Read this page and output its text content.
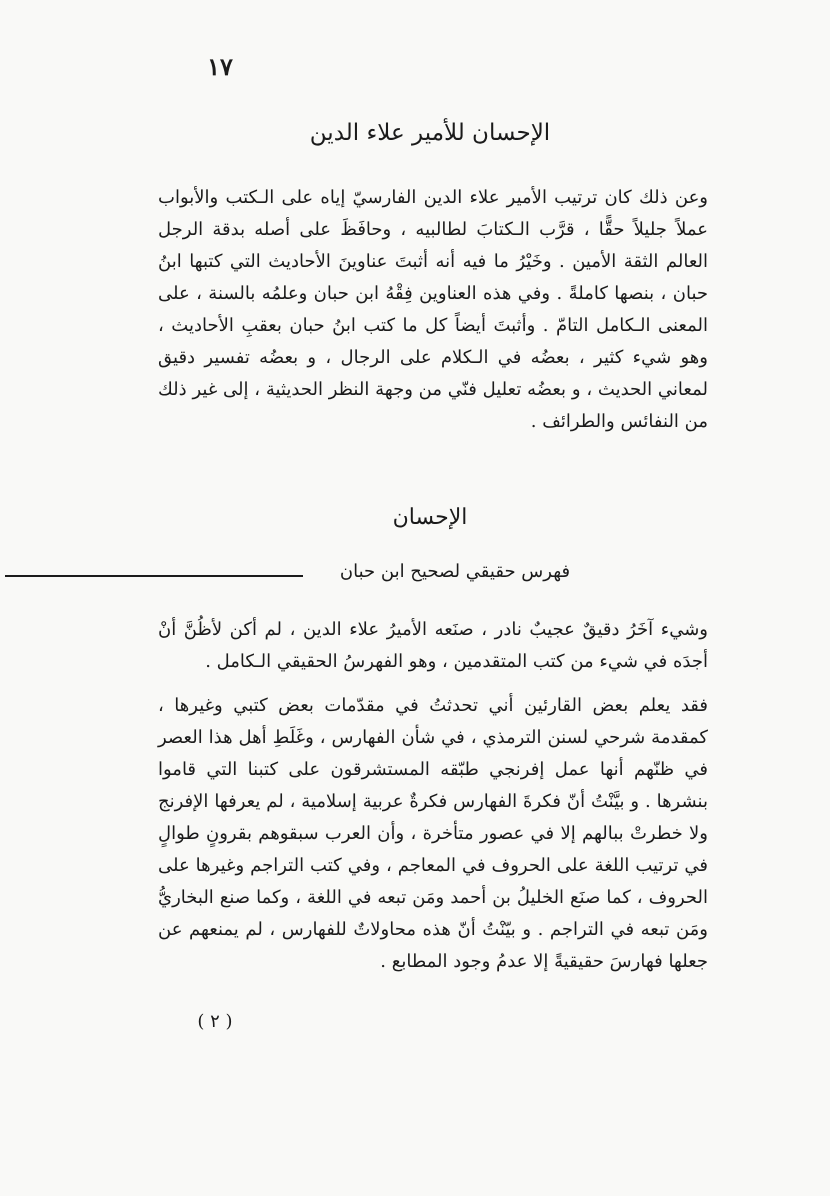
١٧
الإحسان للأمير علاء الدين

وعن ذلك كان ترتيب الأمير علاء الدين الفارسيّ إياه على الـكتب والأبواب عملاً جليلاً حقًّا ، قرَّب الـكتابَ لطالبيه ، وحافَظَ على أصله بدقة الرجل العالم الثقة الأمين . وخَيْرُ ما فيه أنه أثبتَ عناوينَ الأحاديث التي كتبها ابنُ حبان ، بنصها كاملةً . وفي هذه العناوين فِقْهُ ابن حبان وعلمُه بالسنة ، على المعنى الـكامل التامّ . وأثبتَ أيضاً كل ما كتب ابنُ حبان بعقبِ الأحاديث ، وهو شيء كثير ، بعضُه في الـكلام على الرجال ، و بعضُه تفسير دقيق لمعاني الحديث ، و بعضُه تعليل فنّي من وجهة النظر الحديثية ، إلى غير ذلك من النفائس والطرائف .

الإحسان
فهرس حقيقي لصحيح ابن حبان

وشيء آخَرُ دقيقٌ عجيبٌ نادر ، صنَعه الأميرُ علاء الدين ، لم أكن لأظُنَّ أنْ أجدَه في شيء من كتب المتقدمين ، وهو الفهرسُ الحقيقي الـكامل .

فقد يعلم بعض القارئين أني تحدثتُ في مقدّمات بعض كتبي وغيرها ، كمقدمة شرحي لسنن الترمذي ، في شأن الفهارس ، وغَلَطِ أهل هذا العصر في ظنّهم أنها عمل إفرنجي طبّقه المستشرقون على كتبنا التي قاموا بنشرها . و بيَّنْتُ أنّ فكرةَ الفهارس فكرةٌ عربية إسلامية ، لم يعرفها الإفرنج ولا خطرتْ ببالهم إلا في عصور متأخرة ، وأن العرب سبقوهم بقرونٍ طوالٍ في ترتيب اللغة على الحروف في المعاجم ، وفي كتب التراجم وغيرها على الحروف ، كما صنَع الخليلُ بن أحمد ومَن تبعه في اللغة ، وكما صنع البخاريُّ ومَن تبعه في التراجم . و بيّنْتُ أنّ هذه محاولاتٌ للفهارس ، لم يمنعهم عن جعلها فهارسَ حقيقيةً إلا عدمُ وجود المطابع .

( ٢ )
